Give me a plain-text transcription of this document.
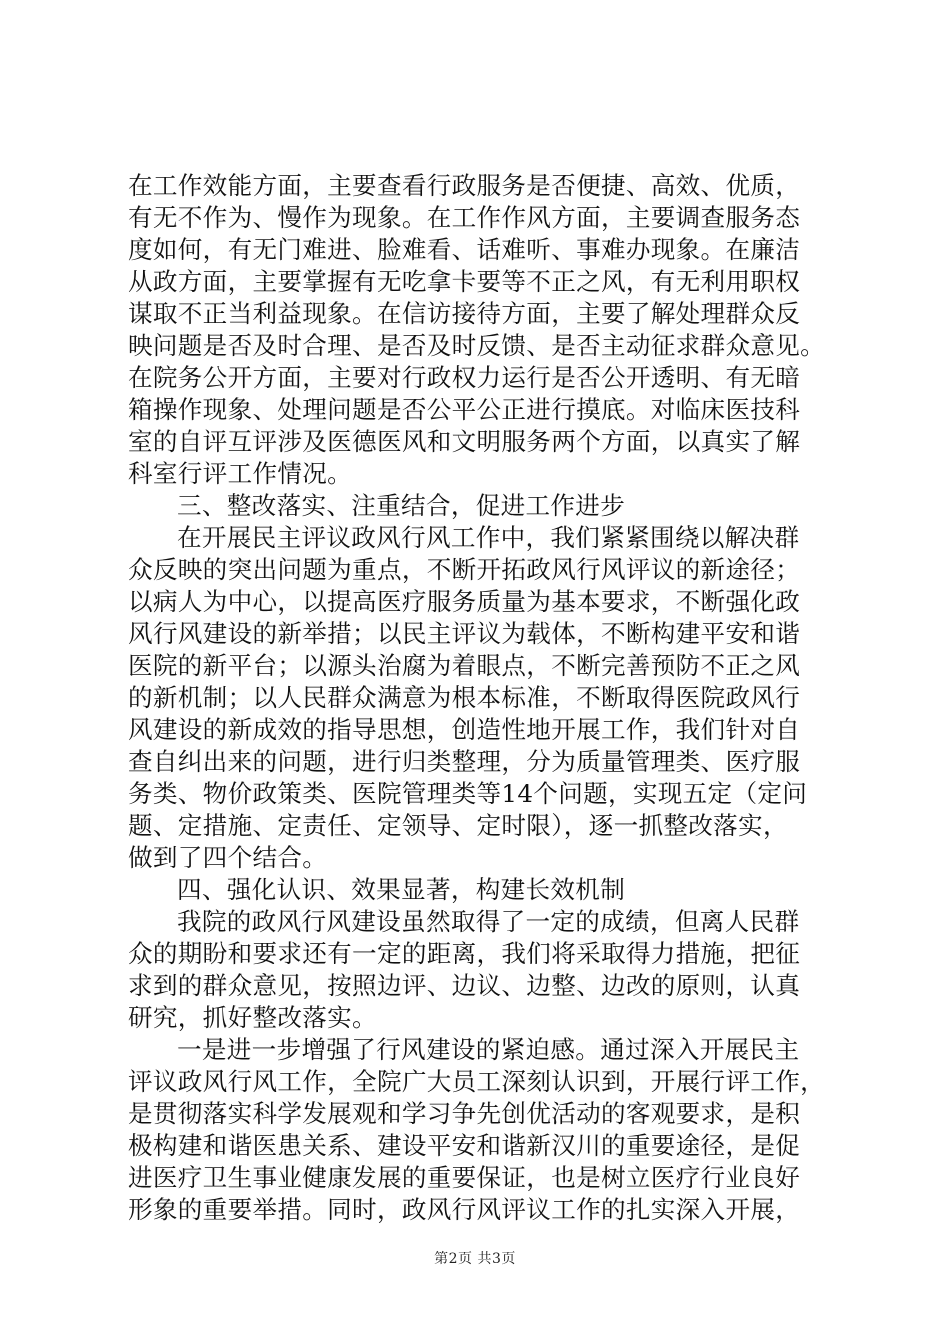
在工作效能方面，主要查看行政服务是否便捷、高效、优质，
有无不作为、慢作为现象。在工作作风方面，主要调查服务态
度如何，有无门难进、脸难看、话难听、事难办现象。在廉洁
从政方面，主要掌握有无吃拿卡要等不正之风，有无利用职权
谋取不正当利益现象。在信访接待方面，主要了解处理群众反
映问题是否及时合理、是否及时反馈、是否主动征求群众意见。
在院务公开方面，主要对行政权力运行是否公开透明、有无暗
箱操作现象、处理问题是否公平公正进行摸底。对临床医技科
室的自评互评涉及医德医风和文明服务两个方面，以真实了解
科室行评工作情况。
三、整改落实、注重结合，促进工作进步
在开展民主评议政风行风工作中，我们紧紧围绕以解决群
众反映的突出问题为重点，不断开拓政风行风评议的新途径；
以病人为中心，以提高医疗服务质量为基本要求，不断强化政
风行风建设的新举措；以民主评议为载体，不断构建平安和谐
医院的新平台；以源头治腐为着眼点，不断完善预防不正之风
的新机制；以人民群众满意为根本标准，不断取得医院政风行
风建设的新成效的指导思想，创造性地开展工作，我们针对自
查自纠出来的问题，进行归类整理，分为质量管理类、医疗服
务类、物价政策类、医院管理类等14个问题，实现五定（定问
题、定措施、定责任、定领导、定时限），逐一抓整改落实，
做到了四个结合。
四、强化认识、效果显著，构建长效机制
我院的政风行风建设虽然取得了一定的成绩，但离人民群
众的期盼和要求还有一定的距离，我们将采取得力措施，把征
求到的群众意见，按照边评、边议、边整、边改的原则，认真
研究，抓好整改落实。
一是进一步增强了行风建设的紧迫感。通过深入开展民主
评议政风行风工作，全院广大员工深刻认识到，开展行评工作，
是贯彻落实科学发展观和学习争先创优活动的客观要求，是积
极构建和谐医患关系、建设平安和谐新汉川的重要途径，是促
进医疗卫生事业健康发展的重要保证，也是树立医疗行业良好
形象的重要举措。同时，政风行风评议工作的扎实深入开展，
第2页 共3页
